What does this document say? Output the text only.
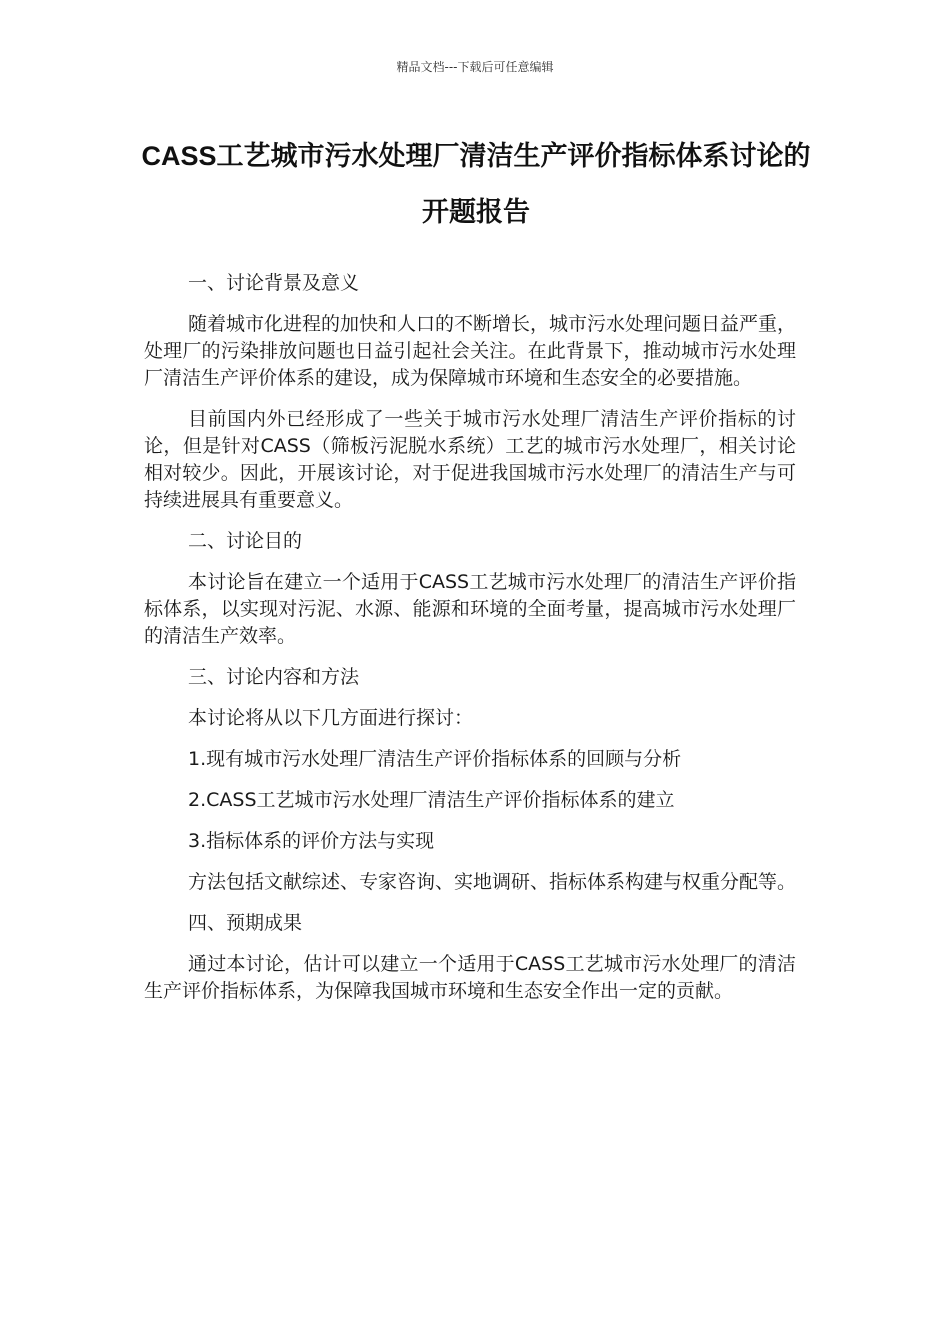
精品文档---下载后可任意编辑
CASS工艺城市污水处理厂清洁生产评价指标体系讨论的开题报告

一、讨论背景及意义

随着城市化进程的加快和人口的不断增长，城市污水处理问题日益严重，处理厂的污染排放问题也日益引起社会关注。在此背景下，推动城市污水处理厂清洁生产评价体系的建设，成为保障城市环境和生态安全的必要措施。

目前国内外已经形成了一些关于城市污水处理厂清洁生产评价指标的讨论，但是针对CASS（筛板污泥脱水系统）工艺的城市污水处理厂，相关讨论相对较少。因此，开展该讨论，对于促进我国城市污水处理厂的清洁生产与可持续进展具有重要意义。

二、讨论目的

本讨论旨在建立一个适用于CASS工艺城市污水处理厂的清洁生产评价指标体系，以实现对污泥、水源、能源和环境的全面考量，提高城市污水处理厂的清洁生产效率。

三、讨论内容和方法

本讨论将从以下几方面进行探讨：

1.现有城市污水处理厂清洁生产评价指标体系的回顾与分析

2.CASS工艺城市污水处理厂清洁生产评价指标体系的建立

3.指标体系的评价方法与实现

方法包括文献综述、专家咨询、实地调研、指标体系构建与权重分配等。

四、预期成果

通过本讨论，估计可以建立一个适用于CASS工艺城市污水处理厂的清洁生产评价指标体系，为保障我国城市环境和生态安全作出一定的贡献。
